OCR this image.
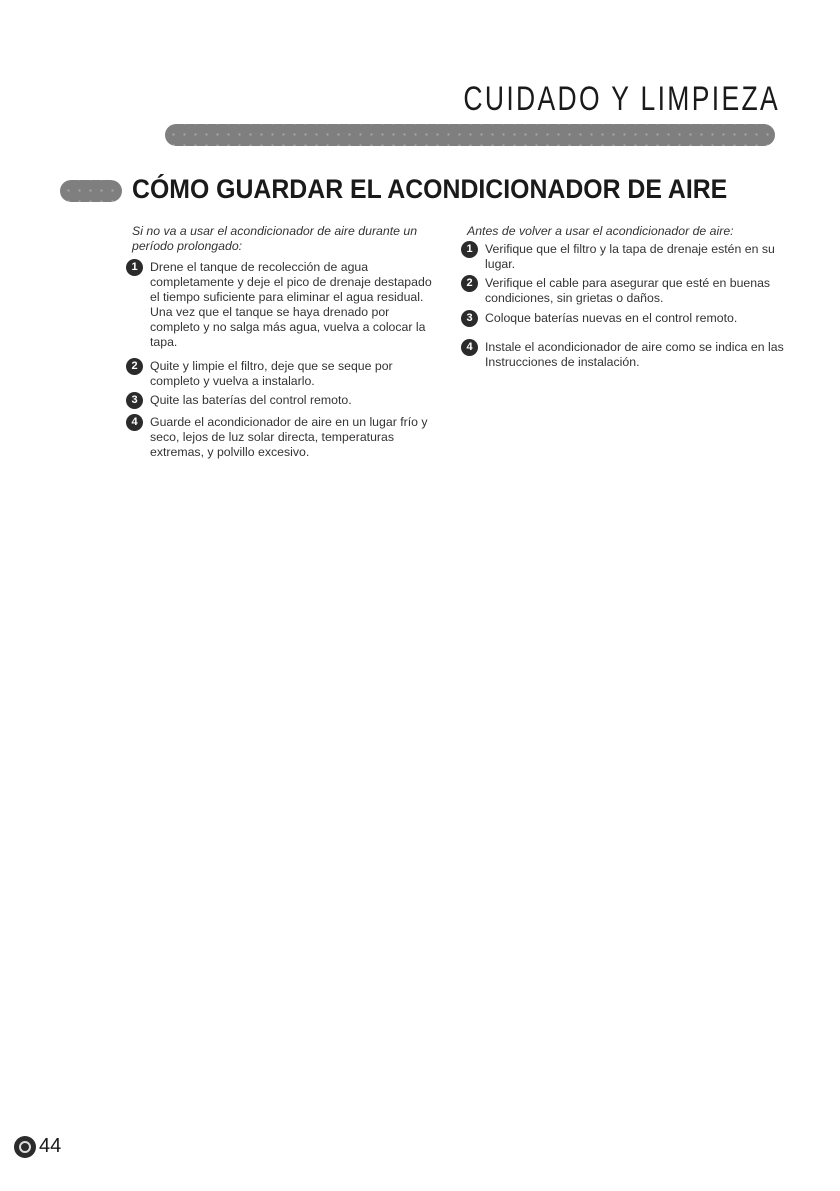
CUIDADO Y LIMPIEZA
CÓMO GUARDAR EL ACONDICIONADOR DE AIRE

Si no va a usar el acondicionador de aire durante un período prolongado:

1	Drene el tanque de recolección de agua completamente y deje el pico de drenaje destapado el tiempo suficiente para eliminar el agua residual. Una vez que el tanque se haya drenado por completo y no salga más agua, vuelva a colocar la tapa.
2	Quite y limpie el filtro, deje que se seque por completo y vuelva a instalarlo.
3	Quite las baterías del control remoto.
4	Guarde el acondicionador de aire en un lugar frío y seco, lejos de luz solar directa, temperaturas extremas, y polvillo excesivo.

Antes de volver a usar el acondicionador de aire:

1	Verifique que el filtro y la tapa de drenaje estén en su lugar.
2	Verifique el cable para asegurar que esté en buenas condiciones, sin grietas o daños.
3	Coloque baterías nuevas en el control remoto.
4	Instale el acondicionador de aire como se indica en las Instrucciones de instalación.
44
